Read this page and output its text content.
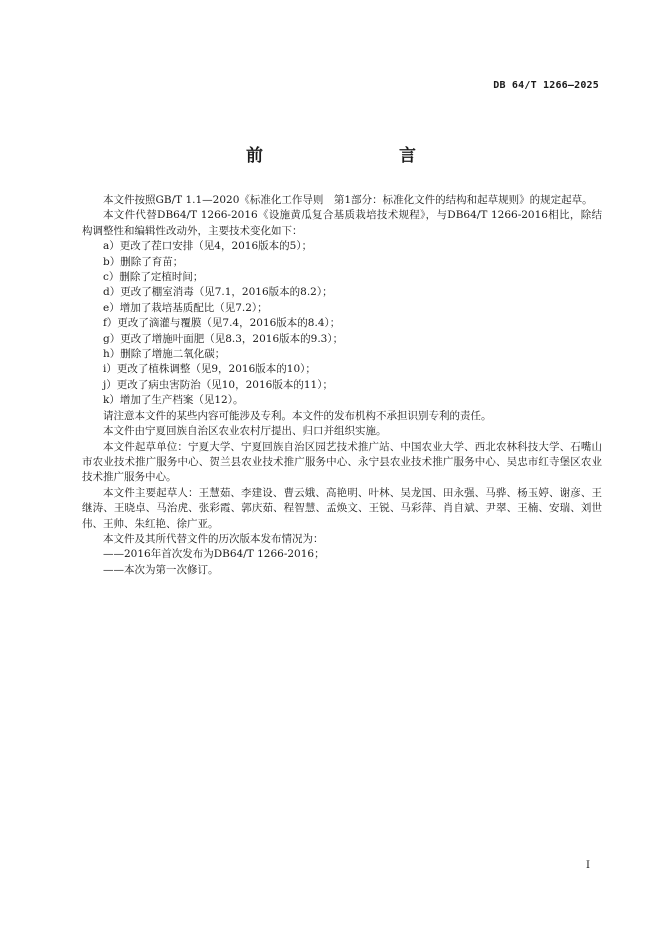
DB 64/T 1266—2025
前　　言

本文件按照GB/T 1.1—2020《标准化工作导则　第1部分：标准化文件的结构和起草规则》的规定起草。

本文件代替DB64/T 1266-2016《设施黄瓜复合基质栽培技术规程》，与DB64/T 1266-2016相比，除结构调整性和编辑性改动外，主要技术变化如下：

a）更改了茬口安排（见4，2016版本的5）；

b）删除了育苗；

c）删除了定植时间；

d）更改了棚室消毒（见7.1，2016版本的8.2）；

e）增加了栽培基质配比（见7.2）；

f）更改了滴灌与覆膜（见7.4，2016版本的8.4）；

g）更改了增施叶面肥（见8.3，2016版本的9.3）；

h）删除了增施二氧化碳；

i）更改了植株调整（见9，2016版本的10）；

j）更改了病虫害防治（见10，2016版本的11）；

k）增加了生产档案（见12）。

请注意本文件的某些内容可能涉及专利。本文件的发布机构不承担识别专利的责任。

本文件由宁夏回族自治区农业农村厅提出、归口并组织实施。

本文件起草单位：宁夏大学、宁夏回族自治区园艺技术推广站、中国农业大学、西北农林科技大学、石嘴山市农业技术推广服务中心、贺兰县农业技术推广服务中心、永宁县农业技术推广服务中心、吴忠市红寺堡区农业技术推广服务中心。

本文件主要起草人：王慧茹、李建设、曹云娥、高艳明、叶林、吴龙国、田永强、马骅、杨玉婷、谢彦、王继涛、王晓卓、马治虎、张彩霞、郭庆茹、程智慧、孟焕文、王锐、马彩萍、肖自斌、尹翠、王楠、安瑞、刘世伟、王帅、朱红艳、徐广亚。

本文件及其所代替文件的历次版本发布情况为：

——2016年首次发布为DB64/T 1266-2016；

——本次为第一次修订。

I
